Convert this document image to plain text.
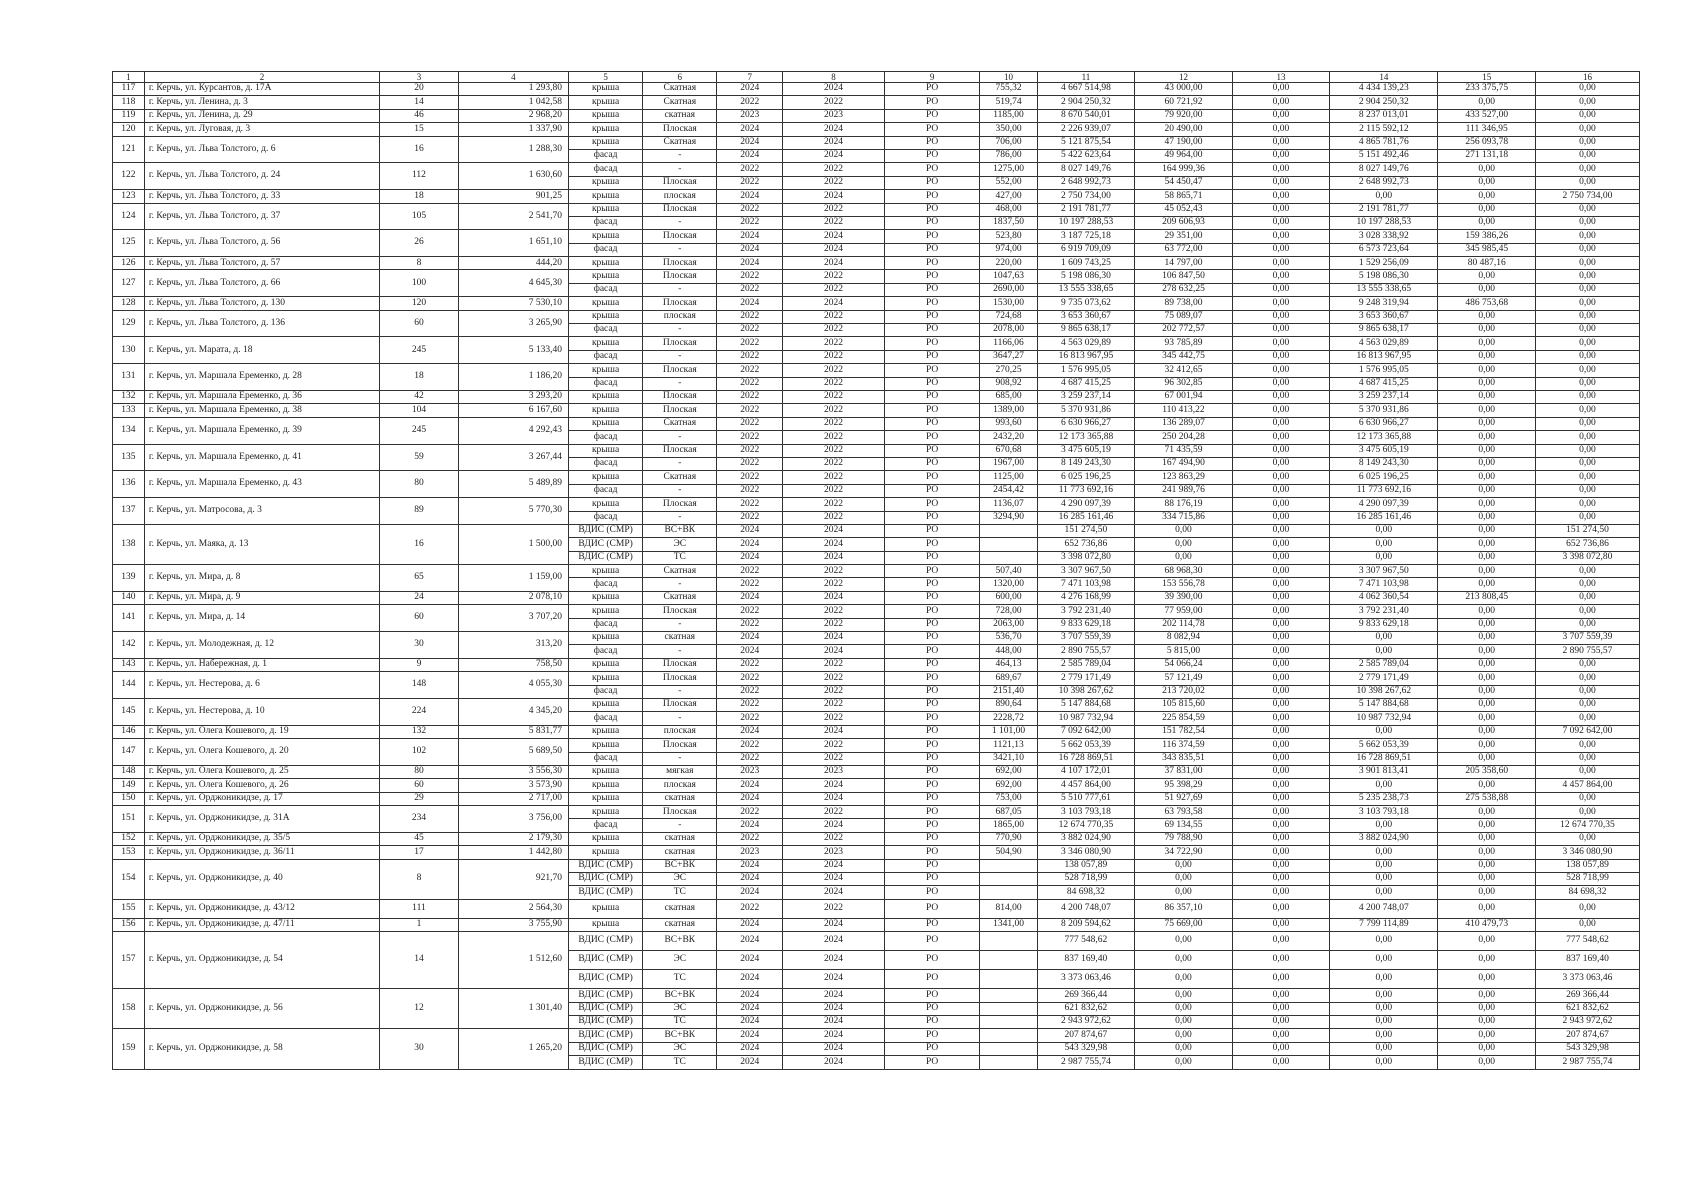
1	2	3	4	5	6	7	8	9	10	11	12	13	14	15	16
117	г. Керчь, ул. Курсантов, д. 17А	20	1 293,80	крыша	Скатная	2024	2024	РО	755,32	4 667 514,98	43 000,00	0,00	4 434 139,23	233 375,75	0,00
118	г. Керчь, ул. Ленина, д. 3	14	1 042,58	крыша	Скатная	2022	2022	РО	519,74	2 904 250,32	60 721,92	0,00	2 904 250,32	0,00	0,00
119	г. Керчь, ул. Ленина, д. 29	46	2 968,20	крыша	скатная	2023	2023	РО	1185,00	8 670 540,01	79 920,00	0,00	8 237 013,01	433 527,00	0,00
120	г. Керчь, ул. Луговая, д. 3	15	1 337,90	крыша	Плоская	2024	2024	РО	350,00	2 226 939,07	20 490,00	0,00	2 115 592,12	111 346,95	0,00
121	г. Керчь, ул. Льва Толстого, д. 6	16	1 288,30	крыша	Скатная	2024	2024	РО	706,00	5 121 875,54	47 190,00	0,00	4 865 781,76	256 093,78	0,00
				фасад	-	2024	2024	РО	786,00	5 422 623,64	49 964,00	0,00	5 151 492,46	271 131,18	0,00
122	г. Керчь, ул. Льва Толстого, д. 24	112	1 630,60	фасад	-	2022	2022	РО	1275,00	8 027 149,76	164 999,36	0,00	8 027 149,76	0,00	0,00
				крыша	Плоская	2022	2022	РО	552,00	2 648 992,73	54 450,47	0,00	2 648 992,73	0,00	0,00
123	г. Керчь, ул. Льва Толстого, д. 33	18	901,25	крыша	плоская	2024	2024	РО	427,00	2 750 734,00	58 865,71	0,00	0,00	0,00	2 750 734,00
124	г. Керчь, ул. Льва Толстого, д. 37	105	2 541,70	крыша	Плоская	2022	2022	РО	468,00	2 191 781,77	45 052,43	0,00	2 191 781,77	0,00	0,00
				фасад	-	2022	2022	РО	1837,50	10 197 288,53	209 606,93	0,00	10 197 288,53	0,00	0,00
125	г. Керчь, ул. Льва Толстого, д. 56	26	1 651,10	крыша	Плоская	2024	2024	РО	523,80	3 187 725,18	29 351,00	0,00	3 028 338,92	159 386,26	0,00
				фасад	-	2024	2024	РО	974,00	6 919 709,09	63 772,00	0,00	6 573 723,64	345 985,45	0,00
126	г. Керчь, ул. Льва Толстого, д. 57	8	444,20	крыша	Плоская	2024	2024	РО	220,00	1 609 743,25	14 797,00	0,00	1 529 256,09	80 487,16	0,00
127	г. Керчь, ул. Льва Толстого, д. 66	100	4 645,30	крыша	Плоская	2022	2022	РО	1047,63	5 198 086,30	106 847,50	0,00	5 198 086,30	0,00	0,00
				фасад	-	2022	2022	РО	2690,00	13 555 338,65	278 632,25	0,00	13 555 338,65	0,00	0,00
128	г. Керчь, ул. Льва Толстого, д. 130	120	7 530,10	крыша	Плоская	2024	2024	РО	1530,00	9 735 073,62	89 738,00	0,00	9 248 319,94	486 753,68	0,00
129	г. Керчь, ул. Льва Толстого, д. 136	60	3 265,90	крыша	плоская	2022	2022	РО	724,68	3 653 360,67	75 089,07	0,00	3 653 360,67	0,00	0,00
				фасад	-	2022	2022	РО	2078,00	9 865 638,17	202 772,57	0,00	9 865 638,17	0,00	0,00
130	г. Керчь, ул. Марата, д. 18	245	5 133,40	крыша	Плоская	2022	2022	РО	1166,06	4 563 029,89	93 785,89	0,00	4 563 029,89	0,00	0,00
				фасад	-	2022	2022	РО	3647,27	16 813 967,95	345 442,75	0,00	16 813 967,95	0,00	0,00
131	г. Керчь, ул. Маршала Еременко, д. 28	18	1 186,20	крыша	Плоская	2022	2022	РО	270,25	1 576 995,05	32 412,65	0,00	1 576 995,05	0,00	0,00
				фасад	-	2022	2022	РО	908,92	4 687 415,25	96 302,85	0,00	4 687 415,25	0,00	0,00
132	г. Керчь, ул. Маршала Еременко, д. 36	42	3 293,20	крыша	Плоская	2022	2022	РО	685,00	3 259 237,14	67 001,94	0,00	3 259 237,14	0,00	0,00
133	г. Керчь, ул. Маршала Еременко, д. 38	104	6 167,60	крыша	Плоская	2022	2022	РО	1389,00	5 370 931,86	110 413,22	0,00	5 370 931,86	0,00	0,00
134	г. Керчь, ул. Маршала Еременко, д. 39	245	4 292,43	крыша	Скатная	2022	2022	РО	993,60	6 630 966,27	136 289,07	0,00	6 630 966,27	0,00	0,00
				фасад	-	2022	2022	РО	2432,20	12 173 365,88	250 204,28	0,00	12 173 365,88	0,00	0,00
135	г. Керчь, ул. Маршала Еременко, д. 41	59	3 267,44	крыша	Плоская	2022	2022	РО	670,68	3 475 605,19	71 435,59	0,00	3 475 605,19	0,00	0,00
				фасад	-	2022	2022	РО	1967,00	8 149 243,30	167 494,90	0,00	8 149 243,30	0,00	0,00
136	г. Керчь, ул. Маршала Еременко, д. 43	80	5 489,89	крыша	Скатная	2022	2022	РО	1125,00	6 025 196,25	123 863,29	0,00	6 025 196,25	0,00	0,00
				фасад	-	2022	2022	РО	2454,42	11 773 692,16	241 989,76	0,00	11 773 692,16	0,00	0,00
137	г. Керчь, ул. Матросова, д. 3	89	5 770,30	крыша	Плоская	2022	2022	РО	1136,07	4 290 097,39	88 176,19	0,00	4 290 097,39	0,00	0,00
				фасад	-	2022	2022	РО	3294,90	16 285 161,46	334 715,86	0,00	16 285 161,46	0,00	0,00
138	г. Керчь, ул. Маяка, д. 13	16	1 500,00	ВДИС (СМР)	ВС+ВК	2024	2024	РО		151 274,50	0,00	0,00	0,00	0,00	151 274,50
				ВДИС (СМР)	ЭС	2024	2024	РО		652 736,86	0,00	0,00	0,00	0,00	652 736,86
				ВДИС (СМР)	ТС	2024	2024	РО		3 398 072,80	0,00	0,00	0,00	0,00	3 398 072,80
139	г. Керчь, ул. Мира, д. 8	65	1 159,00	крыша	Скатная	2022	2022	РО	507,40	3 307 967,50	68 968,30	0,00	3 307 967,50	0,00	0,00
				фасад	-	2022	2022	РО	1320,00	7 471 103,98	153 556,78	0,00	7 471 103,98	0,00	0,00
140	г. Керчь, ул. Мира, д. 9	24	2 078,10	крыша	Скатная	2024	2024	РО	600,00	4 276 168,99	39 390,00	0,00	4 062 360,54	213 808,45	0,00
141	г. Керчь, ул. Мира, д. 14	60	3 707,20	крыша	Плоская	2022	2022	РО	728,00	3 792 231,40	77 959,00	0,00	3 792 231,40	0,00	0,00
				фасад	-	2022	2022	РО	2063,00	9 833 629,18	202 114,78	0,00	9 833 629,18	0,00	0,00
142	г. Керчь, ул. Молодежная, д. 12	30	313,20	крыша	скатная	2024	2024	РО	536,70	3 707 559,39	8 082,94	0,00	0,00	0,00	3 707 559,39
				фасад	-	2024	2024	РО	448,00	2 890 755,57	5 815,00	0,00	0,00	0,00	2 890 755,57
143	г. Керчь, ул. Набережная, д. 1	9	758,50	крыша	Плоская	2022	2022	РО	464,13	2 585 789,04	54 066,24	0,00	2 585 789,04	0,00	0,00
144	г. Керчь, ул. Нестерова, д. 6	148	4 055,30	крыша	Плоская	2022	2022	РО	689,67	2 779 171,49	57 121,49	0,00	2 779 171,49	0,00	0,00
				фасад	-	2022	2022	РО	2151,40	10 398 267,62	213 720,02	0,00	10 398 267,62	0,00	0,00
145	г. Керчь, ул. Нестерова, д. 10	224	4 345,20	крыша	Плоская	2022	2022	РО	890,64	5 147 884,68	105 815,60	0,00	5 147 884,68	0,00	0,00
				фасад	-	2022	2022	РО	2228,72	10 987 732,94	225 854,59	0,00	10 987 732,94	0,00	0,00
146	г. Керчь, ул. Олега Кошевого, д. 19	132	5 831,77	крыша	плоская	2024	2024	РО	1 101,00	7 092 642,00	151 782,54	0,00	0,00	0,00	7 092 642,00
147	г. Керчь, ул. Олега Кошевого, д. 20	102	5 689,50	крыша	Плоская	2022	2022	РО	1121,13	5 662 053,39	116 374,59	0,00	5 662 053,39	0,00	0,00
				фасад	-	2022	2022	РО	3421,10	16 728 869,51	343 835,51	0,00	16 728 869,51	0,00	0,00
148	г. Керчь, ул. Олега Кошевого, д. 25	80	3 556,30	крыша	мягкая	2023	2023	РО	692,00	4 107 172,01	37 831,00	0,00	3 901 813,41	205 358,60	0,00
149	г. Керчь, ул. Олега Кошевого, д. 26	60	3 573,90	крыша	плоская	2024	2024	РО	692,00	4 457 864,00	95 398,29	0,00	0,00	0,00	4 457 864,00
150	г. Керчь, ул. Орджоникидзе, д. 17	29	2 717,00	крыша	скатная	2024	2024	РО	753,00	5 510 777,61	51 927,69	0,00	5 235 238,73	275 538,88	0,00
151	г. Керчь, ул. Орджоникидзе, д. 31А	234	3 756,00	крыша	Плоская	2022	2022	РО	687,05	3 103 793,18	63 793,58	0,00	3 103 793,18	0,00	0,00
				фасад	-	2024	2024	РО	1865,00	12 674 770,35	69 134,55	0,00	0,00	0,00	12 674 770,35
152	г. Керчь, ул. Орджоникидзе, д. 35/5	45	2 179,30	крыша	скатная	2022	2022	РО	770,90	3 882 024,90	79 788,90	0,00	3 882 024,90	0,00	0,00
153	г. Керчь, ул. Орджоникидзе, д. 36/11	17	1 442,80	крыша	скатная	2023	2023	РО	504,90	3 346 080,90	34 722,90	0,00	0,00	0,00	3 346 080,90
154	г. Керчь, ул. Орджоникидзе, д. 40	8	921,70	ВДИС (СМР)	ВС+ВК	2024	2024	РО		138 057,89	0,00	0,00	0,00	0,00	138 057,89
				ВДИС (СМР)	ЭС	2024	2024	РО		528 718,99	0,00	0,00	0,00	0,00	528 718,99
				ВДИС (СМР)	ТС	2024	2024	РО		84 698,32	0,00	0,00	0,00	0,00	84 698,32
155	г. Керчь, ул. Орджоникидзе, д. 43/12	111	2 564,30	крыша	скатная	2022	2022	РО	814,00	4 200 748,07	86 357,10	0,00	4 200 748,07	0,00	0,00
156	г. Керчь, ул. Орджоникидзе, д. 47/11	1	3 755,90	крыша	скатная	2024	2024	РО	1341,00	8 209 594,62	75 669,00	0,00	7 799 114,89	410 479,73	0,00
157	г. Керчь, ул. Орджоникидзе, д. 54	14	1 512,60	ВДИС (СМР)	ВС+ВК	2024	2024	РО		777 548,62	0,00	0,00	0,00	0,00	777 548,62
				ВДИС (СМР)	ЭС	2024	2024	РО		837 169,40	0,00	0,00	0,00	0,00	837 169,40
				ВДИС (СМР)	ТС	2024	2024	РО		3 373 063,46	0,00	0,00	0,00	0,00	3 373 063,46
158	г. Керчь, ул. Орджоникидзе, д. 56	12	1 301,40	ВДИС (СМР)	ВС+ВК	2024	2024	РО		269 366,44	0,00	0,00	0,00	0,00	269 366,44
				ВДИС (СМР)	ЭС	2024	2024	РО		621 832,62	0,00	0,00	0,00	0,00	621 832,62
				ВДИС (СМР)	ТС	2024	2024	РО		2 943 972,62	0,00	0,00	0,00	0,00	2 943 972,62
159	г. Керчь, ул. Орджоникидзе, д. 58	30	1 265,20	ВДИС (СМР)	ВС+ВК	2024	2024	РО		207 874,67	0,00	0,00	0,00	0,00	207 874,67
				ВДИС (СМР)	ЭС	2024	2024	РО		543 329,98	0,00	0,00	0,00	0,00	543 329,98
				ВДИС (СМР)	ТС	2024	2024	РО		2 987 755,74	0,00	0,00	0,00	0,00	2 987 755,74
